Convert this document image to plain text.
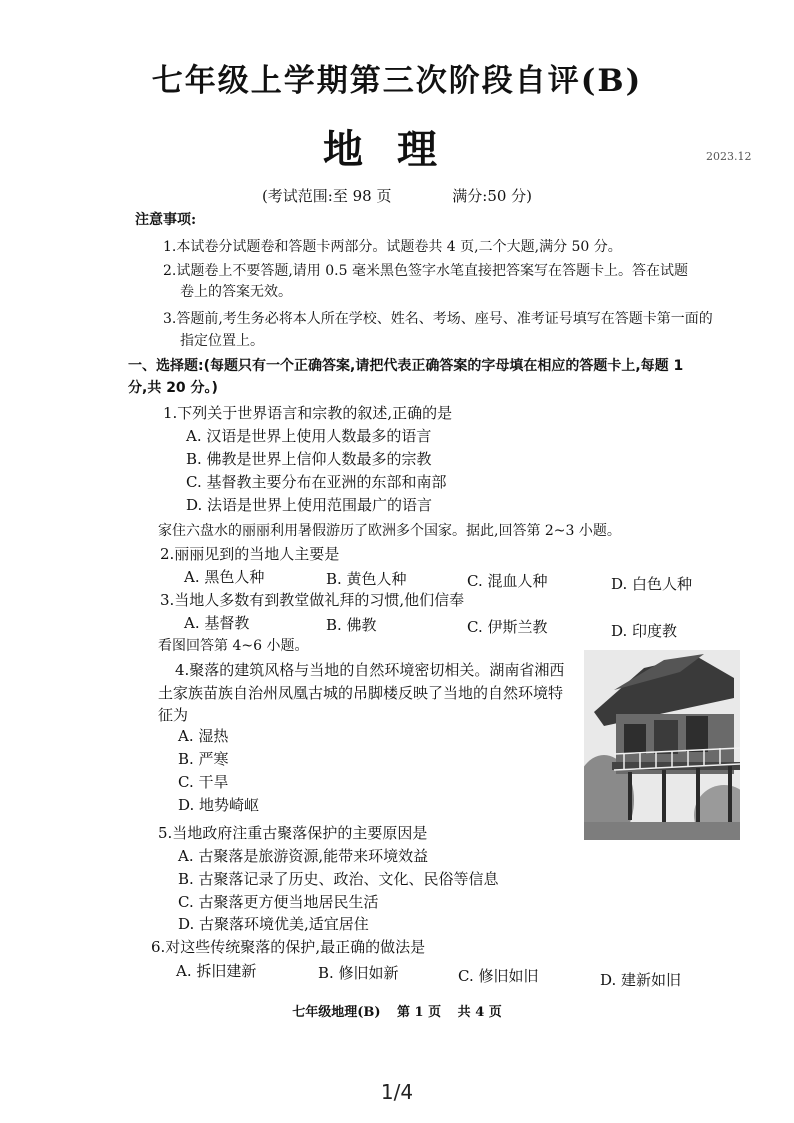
七年级上学期第三次阶段自评(B)
地理	2023.12
(考试范围:至 98 页	满分:50 分)
注意事项:
1.本试卷分试题卷和答题卡两部分。试题卷共 4 页,二个大题,满分 50 分。
2.试题卷上不要答题,请用 0.5 毫米黑色签字水笔直接把答案写在答题卡上。答在试题
卷上的答案无效。
3.答题前,考生务必将本人所在学校、姓名、考场、座号、准考证号填写在答题卡第一面的
指定位置上。
一、选择题:(每题只有一个正确答案,请把代表正确答案的字母填在相应的答题卡上,每题 1
分,共 20 分。)
1.下列关于世界语言和宗教的叙述,正确的是
A. 汉语是世界上使用人数最多的语言
B. 佛教是世界上信仰人数最多的宗教
C. 基督教主要分布在亚洲的东部和南部
D. 法语是世界上使用范围最广的语言
家住六盘水的丽丽利用暑假游历了欧洲多个国家。据此,回答第 2~3 小题。
2.丽丽见到的当地人主要是
A. 黑色人种	B. 黄色人种	C. 混血人种	D. 白色人种
3.当地人多数有到教堂做礼拜的习惯,他们信奉
A. 基督教	B. 佛教	C. 伊斯兰教	D. 印度教
看图回答第 4~6 小题。
4.聚落的建筑风格与当地的自然环境密切相关。湖南省湘西
土家族苗族自治州凤凰古城的吊脚楼反映了当地的自然环境特
征为
A. 湿热
B. 严寒
C. 干旱
D. 地势崎岖
5.当地政府注重古聚落保护的主要原因是
A. 古聚落是旅游资源,能带来环境效益
B. 古聚落记录了历史、政治、文化、民俗等信息
C. 古聚落更方便当地居民生活
D. 古聚落环境优美,适宜居住
6.对这些传统聚落的保护,最正确的做法是
A. 拆旧建新	B. 修旧如新	C. 修旧如旧	D. 建新如旧
七年级地理(B) 第 1 页 共 4 页
1/4
